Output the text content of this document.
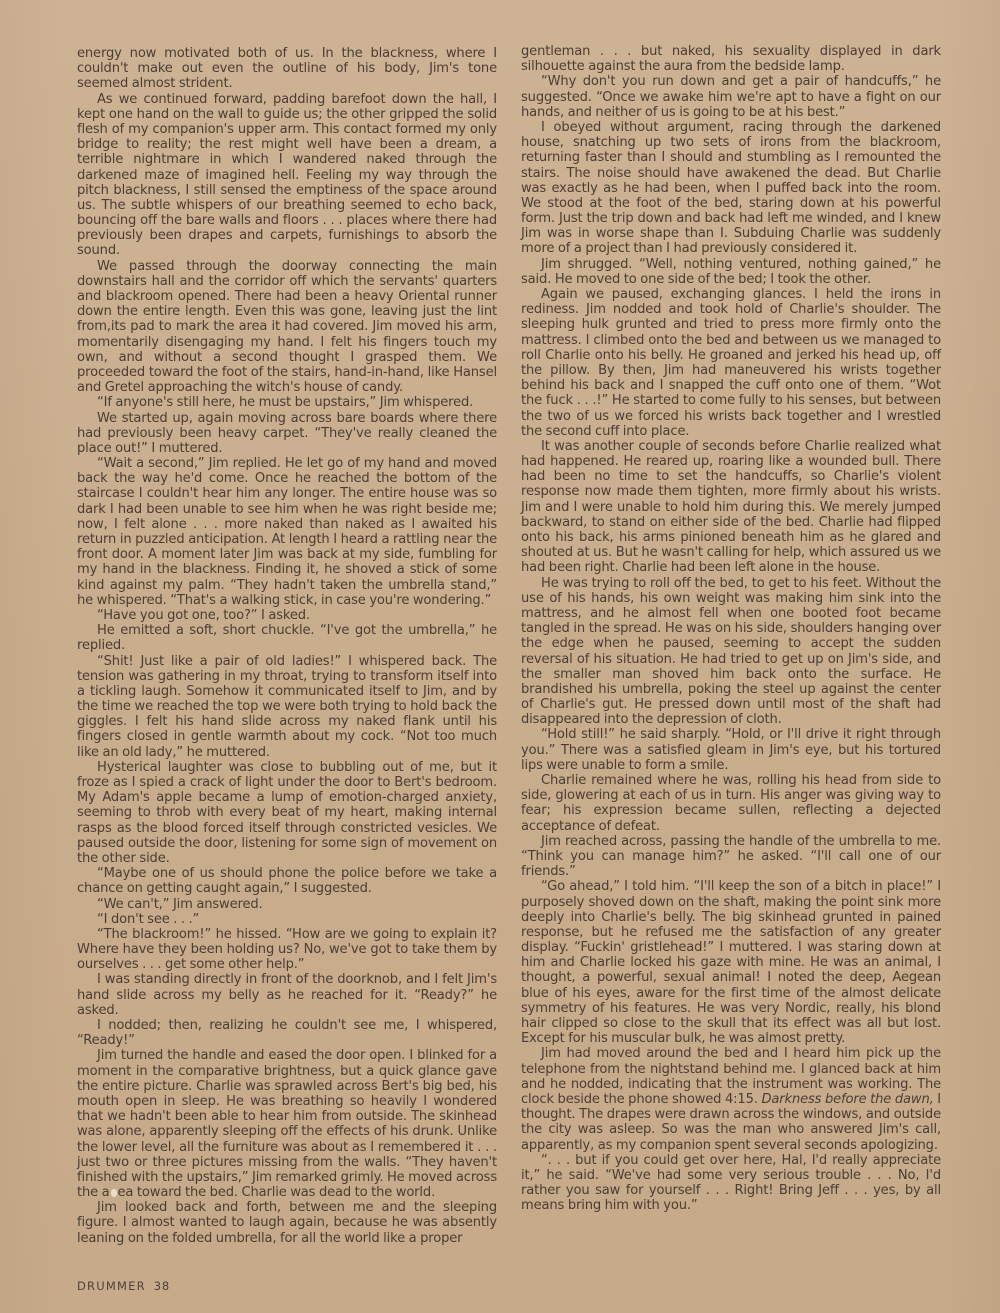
energy now motivated both of us. In the blackness, where I couldn't make out even the outline of his body, Jim's tone seemed almost strident.

As we continued forward, padding barefoot down the hall, I kept one hand on the wall to guide us; the other gripped the solid flesh of my companion's upper arm. This contact formed my only bridge to reality; the rest might well have been a dream, a terrible nightmare in which I wandered naked through the darkened maze of imagined hell. Feeling my way through the pitch blackness, I still sensed the emptiness of the space around us. The subtle whispers of our breathing seemed to echo back, bouncing off the bare walls and floors . . . places where there had previously been drapes and carpets, furnishings to absorb the sound.

We passed through the doorway connecting the main downstairs hall and the corridor off which the servants' quarters and blackroom opened. There had been a heavy Oriental runner down the entire length. Even this was gone, leaving just the lint from,its pad to mark the area it had covered. Jim moved his arm, momentarily disengaging my hand. I felt his fingers touch my own, and without a second thought I grasped them. We proceeded toward the foot of the stairs, hand-in-hand, like Hansel and Gretel approaching the witch's house of candy.

“If anyone's still here, he must be upstairs,” Jim whispered.

We started up, again moving across bare boards where there had previously been heavy carpet. “They've really cleaned the place out!” I muttered.

“Wait a second,” Jim replied. He let go of my hand and moved back the way he'd come. Once he reached the bottom of the staircase I couldn't hear him any longer. The entire house was so dark I had been unable to see him when he was right beside me; now, I felt alone . . . more naked than naked as I awaited his return in puzzled anticipation. At length I heard a rattling near the front door. A moment later Jim was back at my side, fumbling for my hand in the blackness. Finding it, he shoved a stick of some kind against my palm. “They hadn't taken the umbrella stand,” he whispered. “That's a walking stick, in case you're wondering.”

“Have you got one, too?” I asked.

He emitted a soft, short chuckle. “I've got the umbrella,” he replied.

“Shit! Just like a pair of old ladies!” I whispered back. The tension was gathering in my throat, trying to transform itself into a tickling laugh. Somehow it communicated itself to Jim, and by the time we reached the top we were both trying to hold back the giggles. I felt his hand slide across my naked flank until his fingers closed in gentle warmth about my cock. “Not too much like an old lady,” he muttered.

Hysterical laughter was close to bubbling out of me, but it froze as I spied a crack of light under the door to Bert's bedroom. My Adam's apple became a lump of emotion-charged anxiety, seeming to throb with every beat of my heart, making internal rasps as the blood forced itself through constricted vesicles. We paused outside the door, listening for some sign of movement on the other side.

“Maybe one of us should phone the police before we take a chance on getting caught again,” I suggested.

“We can't,” Jim answered.

“I don't see . . .”

“The blackroom!” he hissed. “How are we going to explain it? Where have they been holding us? No, we've got to take them by ourselves . . . get some other help.”

I was standing directly in front of the doorknob, and I felt Jim's hand slide across my belly as he reached for it. “Ready?” he asked.

I nodded; then, realizing he couldn't see me, I whispered, “Ready!”

Jim turned the handle and eased the door open. I blinked for a moment in the comparative brightness, but a quick glance gave the entire picture. Charlie was sprawled across Bert's big bed, his mouth open in sleep. He was breathing so heavily I wondered that we hadn't been able to hear him from outside. The skinhead was alone, apparently sleeping off the effects of his drunk. Unlike the lower level, all the furniture was about as I remembered it . . . just two or three pictures missing from the walls. “They haven't finished with the upstairs,” Jim remarked grimly. He moved across the a ea toward the bed. Charlie was dead to the world.

Jim looked back and forth, between me and the sleeping figure. I almost wanted to laugh again, because he was absently leaning on the folded umbrella, for all the world like a proper

gentleman . . . but naked, his sexuality displayed in dark silhouette against the aura from the bedside lamp.

“Why don't you run down and get a pair of handcuffs,” he suggested. “Once we awake him we're apt to have a fight on our hands, and neither of us is going to be at his best.”

I obeyed without argument, racing through the darkened house, snatching up two sets of irons from the blackroom, returning faster than I should and stumbling as I remounted the stairs. The noise should have awakened the dead. But Charlie was exactly as he had been, when I puffed back into the room. We stood at the foot of the bed, staring down at his powerful form. Just the trip down and back had left me winded, and I knew Jim was in worse shape than I. Subduing Charlie was suddenly more of a project than I had previously considered it.

Jim shrugged. “Well, nothing ventured, nothing gained,” he said. He moved to one side of the bed; I took the other.

Again we paused, exchanging glances. I held the irons in rediness. Jim nodded and took hold of Charlie's shoulder. The sleeping hulk grunted and tried to press more firmly onto the mattress. I climbed onto the bed and between us we managed to roll Charlie onto his belly. He groaned and jerked his head up, off the pillow. By then, Jim had maneuvered his wrists together behind his back and I snapped the cuff onto one of them. “Wot the fuck . . .!” He started to come fully to his senses, but between the two of us we forced his wrists back together and I wrestled the second cuff into place.

It was another couple of seconds before Charlie realized what had happened. He reared up, roaring like a wounded bull. There had been no time to set the handcuffs, so Charlie's violent response now made them tighten, more firmly about his wrists. Jim and I were unable to hold him during this. We merely jumped backward, to stand on either side of the bed. Charlie had flipped onto his back, his arms pinioned beneath him as he glared and shouted at us. But he wasn't calling for help, which assured us we had been right. Charlie had been left alone in the house.

He was trying to roll off the bed, to get to his feet. Without the use of his hands, his own weight was making him sink into the mattress, and he almost fell when one booted foot became tangled in the spread. He was on his side, shoulders hanging over the edge when he paused, seeming to accept the sudden reversal of his situation. He had tried to get up on Jim's side, and the smaller man shoved him back onto the surface. He brandished his umbrella, poking the steel up against the center of Charlie's gut. He pressed down until most of the shaft had disappeared into the depression of cloth.

“Hold still!” he said sharply. “Hold, or I'll drive it right through you.” There was a satisfied gleam in Jim's eye, but his tortured lips were unable to form a smile.

Charlie remained where he was, rolling his head from side to side, glowering at each of us in turn. His anger was giving way to fear; his expression became sullen, reflecting a dejected acceptance of defeat.

Jim reached across, passing the handle of the umbrella to me. “Think you can manage him?” he asked. “I'll call one of our friends.”

“Go ahead,” I told him. “I'll keep the son of a bitch in place!” I purposely shoved down on the shaft, making the point sink more deeply into Charlie's belly. The big skinhead grunted in pained response, but he refused me the satisfaction of any greater display. “Fuckin' gristlehead!” I muttered. I was staring down at him and Charlie locked his gaze with mine. He was an animal, I thought, a powerful, sexual animal! I noted the deep, Aegean blue of his eyes, aware for the first time of the almost delicate symmetry of his features. He was very Nordic, really, his blond hair clipped so close to the skull that its effect was all but lost. Except for his muscular bulk, he was almost pretty.

Jim had moved around the bed and I heard him pick up the telephone from the nightstand behind me. I glanced back at him and he nodded, indicating that the instrument was working. The clock beside the phone showed 4:15. Darkness before the dawn, I thought. The drapes were drawn across the windows, and outside the city was asleep. So was the man who answered Jim's call, apparently, as my companion spent several seconds apologizing.

“. . . but if you could get over here, Hal, I'd really appreciate it,” he said. “We've had some very serious trouble . . . No, I'd rather you saw for yourself . . . Right! Bring Jeff . . . yes, by all means bring him with you.”

DRUMMER 38
